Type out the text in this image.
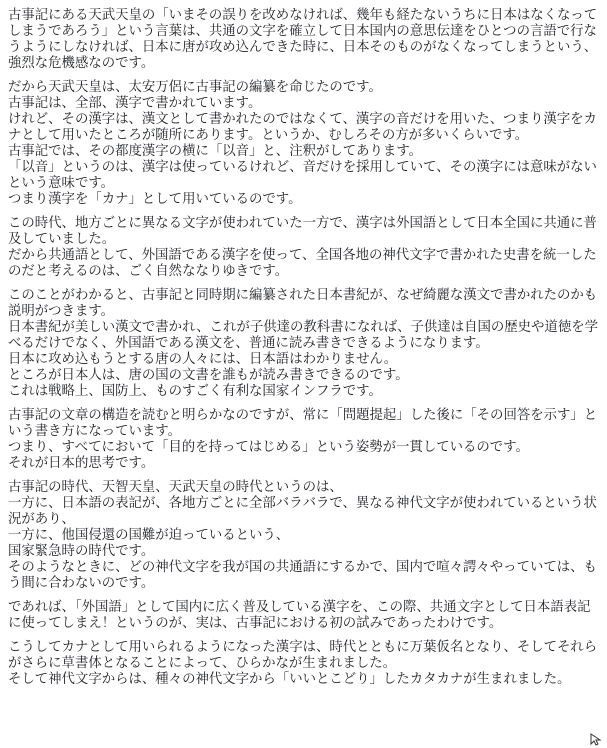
古事記にある天武天皇の「いまその誤りを改めなければ、幾年も経たないうちに日本はなくなってしまうであろう」という言葉は、共通の文字を確立して日本国内の意思伝達をひとつの言語で行なうようにしなければ、日本に唐が攻め込んできた時に、日本そのものがなくなってしまうという、強烈な危機感なのです。
だから天武天皇は、太安万侶に古事記の編纂を命じたのです。
古事記は、全部、漢字で書かれています。
けれど、その漢字は、漢文として書かれたのではなくて、漢字の音だけを用いた、つまり漢字をカナとして用いたところが随所にあります。というか、むしろその方が多いくらいです。
古事記では、その都度漢字の横に「以音」と、注釈がしてあります。
「以音」というのは、漢字は使っているけれど、音だけを採用していて、その漢字には意味がないという意味です。
つまり漢字を「カナ」として用いているのです。
この時代、地方ごとに異なる文字が使われていた一方で、漢字は外国語として日本全国に共通に普及していました。
だから共通語として、外国語である漢字を使って、全国各地の神代文字で書かれた史書を統一したのだと考えるのは、ごく自然ななりゆきです。
このことがわかると、古事記と同時期に編纂された日本書紀が、なぜ綺麗な漢文で書かれたのかも説明がつきます。
日本書紀が美しい漢文で書かれ、これが子供達の教科書になれば、子供達は自国の歴史や道徳を学べるだけでなく、外国語である漢文を、普通に読み書きできるようになります。
日本に攻め込もうとする唐の人々には、日本語はわかりません。
ところが日本人は、唐の国の文書を誰もが読み書きできるのです。
これは戦略上、国防上、ものすごく有利な国家インフラです。
古事記の文章の構造を読むと明らかなのですが、常に「問題提起」した後に「その回答を示す」という書き方になっています。
つまり、すべてにおいて「目的を持ってはじめる」という姿勢が一貫しているのです。
それが日本的思考です。
古事記の時代、天智天皇、天武天皇の時代というのは、
一方に、日本語の表記が、各地方ごとに全部バラバラで、異なる神代文字が使われているという状況があり、
一方に、他国侵還の国難が迫っているという、
国家緊急時の時代です。
そのようなときに、どの神代文字を我が国の共通語にするかで、国内で喧々諤々やっていては、もう間に合わないのです。
であれば、「外国語」として国内に広く普及している漢字を、この際、共通文字として日本語表記に使ってしまえ！というのが、実は、古事記における初の試みであったわけです。
こうしてカナとして用いられるようになった漢字は、時代とともに万葉仮名となり、そしてそれらがさらに草書体となることによって、ひらかなが生まれました。
そして神代文字からは、種々の神代文字から「いいとこどり」したカタカナが生まれました。
